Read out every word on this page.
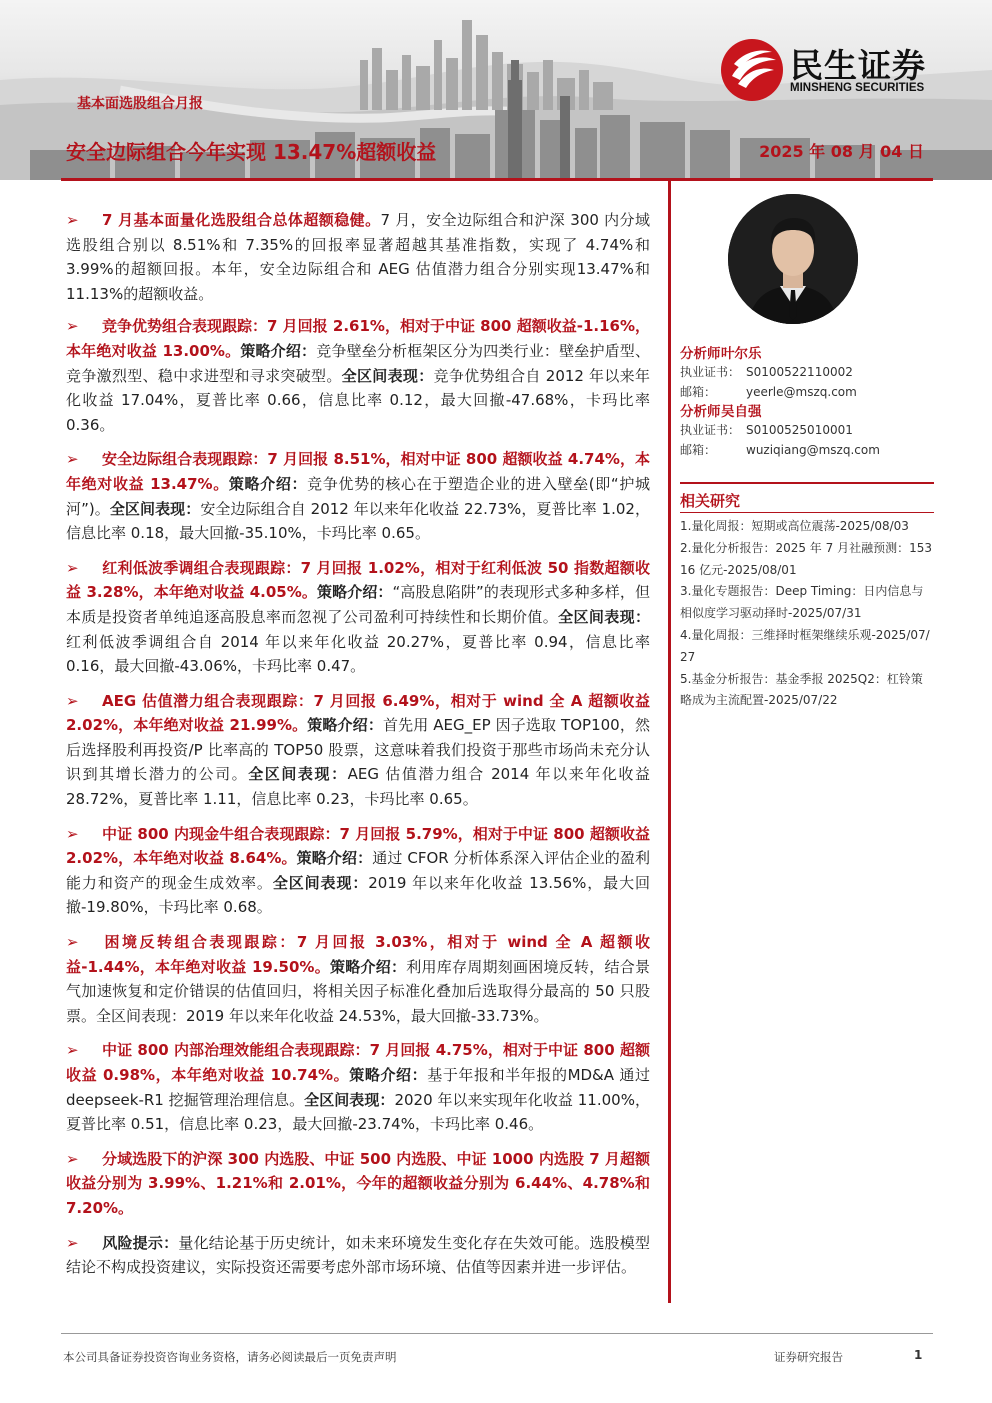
基本面选股组合月报
安全边际组合今年实现 13.47%超额收益	2025 年 08 月 04 日
民生证券
MINSHENG SECURITIES
➢ 7 月基本面量化选股组合总体超额稳健。7 月，安全边际组合和沪深 300 内分域选股组合别以 8.51%和 7.35%的回报率显著超越其基准指数，实现了 4.74%和 3.99%的超额回报。本年，安全边际组合和 AEG 估值潜力组合分别实现13.47%和 11.13%的超额收益。
➢ 竞争优势组合表现跟踪：7 月回报 2.61%，相对于中证 800 超额收益-1.16%，本年绝对收益 13.00%。策略介绍：竞争壁垒分析框架区分为四类行业：壁垒护盾型、竞争激烈型、稳中求进型和寻求突破型。全区间表现：竞争优势组合自 2012 年以来年化收益 17.04%，夏普比率 0.66，信息比率 0.12，最大回撤-47.68%，卡玛比率 0.36。
➢ 安全边际组合表现跟踪：7 月回报 8.51%，相对中证 800 超额收益 4.74%，本年绝对收益 13.47%。策略介绍：竞争优势的核心在于塑造企业的进入壁垒(即“护城河”)。全区间表现：安全边际组合自 2012 年以来年化收益 22.73%，夏普比率 1.02，信息比率 0.18，最大回撤-35.10%，卡玛比率 0.65。
➢ 红利低波季调组合表现跟踪：7 月回报 1.02%，相对于红利低波 50 指数超额收益 3.28%，本年绝对收益 4.05%。策略介绍：“高股息陷阱”的表现形式多种多样，但本质是投资者单纯追逐高股息率而忽视了公司盈利可持续性和长期价值。全区间表现：红利低波季调组合自 2014 年以来年化收益 20.27%，夏普比率 0.94，信息比率 0.16，最大回撤-43.06%，卡玛比率 0.47。
➢ AEG 估值潜力组合表现跟踪：7 月回报 6.49%，相对于 wind 全 A 超额收益 2.02%，本年绝对收益 21.99%。策略介绍：首先用 AEG_EP 因子选取 TOP100，然后选择股利再投资/P 比率高的 TOP50 股票，这意味着我们投资于那些市场尚未充分认识到其增长潜力的公司。全区间表现：AEG 估值潜力组合 2014 年以来年化收益 28.72%，夏普比率 1.11，信息比率 0.23，卡玛比率 0.65。
➢ 中证 800 内现金牛组合表现跟踪：7 月回报 5.79%，相对于中证 800 超额收益 2.02%，本年绝对收益 8.64%。策略介绍：通过 CFOR 分析体系深入评估企业的盈利能力和资产的现金生成效率。全区间表现：2019 年以来年化收益 13.56%，最大回撤-19.80%，卡玛比率 0.68。
➢ 困境反转组合表现跟踪：7 月回报 3.03%，相对于 wind 全 A 超额收益-1.44%，本年绝对收益 19.50%。策略介绍：利用库存周期刻画困境反转，结合景气加速恢复和定价错误的估值回归，将相关因子标准化叠加后选取得分最高的 50 只股票。全区间表现：2019 年以来年化收益 24.53%，最大回撤-33.73%。
➢ 中证 800 内部治理效能组合表现跟踪：7 月回报 4.75%，相对于中证 800 超额收益 0.98%，本年绝对收益 10.74%。策略介绍：基于年报和半年报的MD&A 通过 deepseek-R1 挖掘管理治理信息。全区间表现：2020 年以来实现年化收益 11.00%，夏普比率 0.51，信息比率 0.23，最大回撤-23.74%，卡玛比率 0.46。
➢ 分域选股下的沪深 300 内选股、中证 500 内选股、中证 1000 内选股 7 月超额收益分别为 3.99%、1.21%和 2.01%，今年的超额收益分别为 6.44%、4.78%和 7.20%。
➢ 风险提示：量化结论基于历史统计，如未来环境发生变化存在失效可能。选股模型结论不构成投资建议，实际投资还需要考虑外部市场环境、估值等因素并进一步评估。
分析师叶尔乐
执业证书： S0100522110002
邮箱： yeerle@mszq.com
分析师吴自强
执业证书： S0100525010001
邮箱： wuziqiang@mszq.com
相关研究
1.量化周报：短期或高位震荡-2025/08/03
2.量化分析报告：2025 年 7 月社融预测：15316 亿元-2025/08/01
3.量化专题报告：Deep Timing：日内信息与相似度学习驱动择时-2025/07/31
4.量化周报：三维择时框架继续乐观-2025/07/27
5.基金分析报告：基金季报 2025Q2：杠铃策略成为主流配置-2025/07/22
本公司具备证券投资咨询业务资格，请务必阅读最后一页免责声明	证券研究报告	1
